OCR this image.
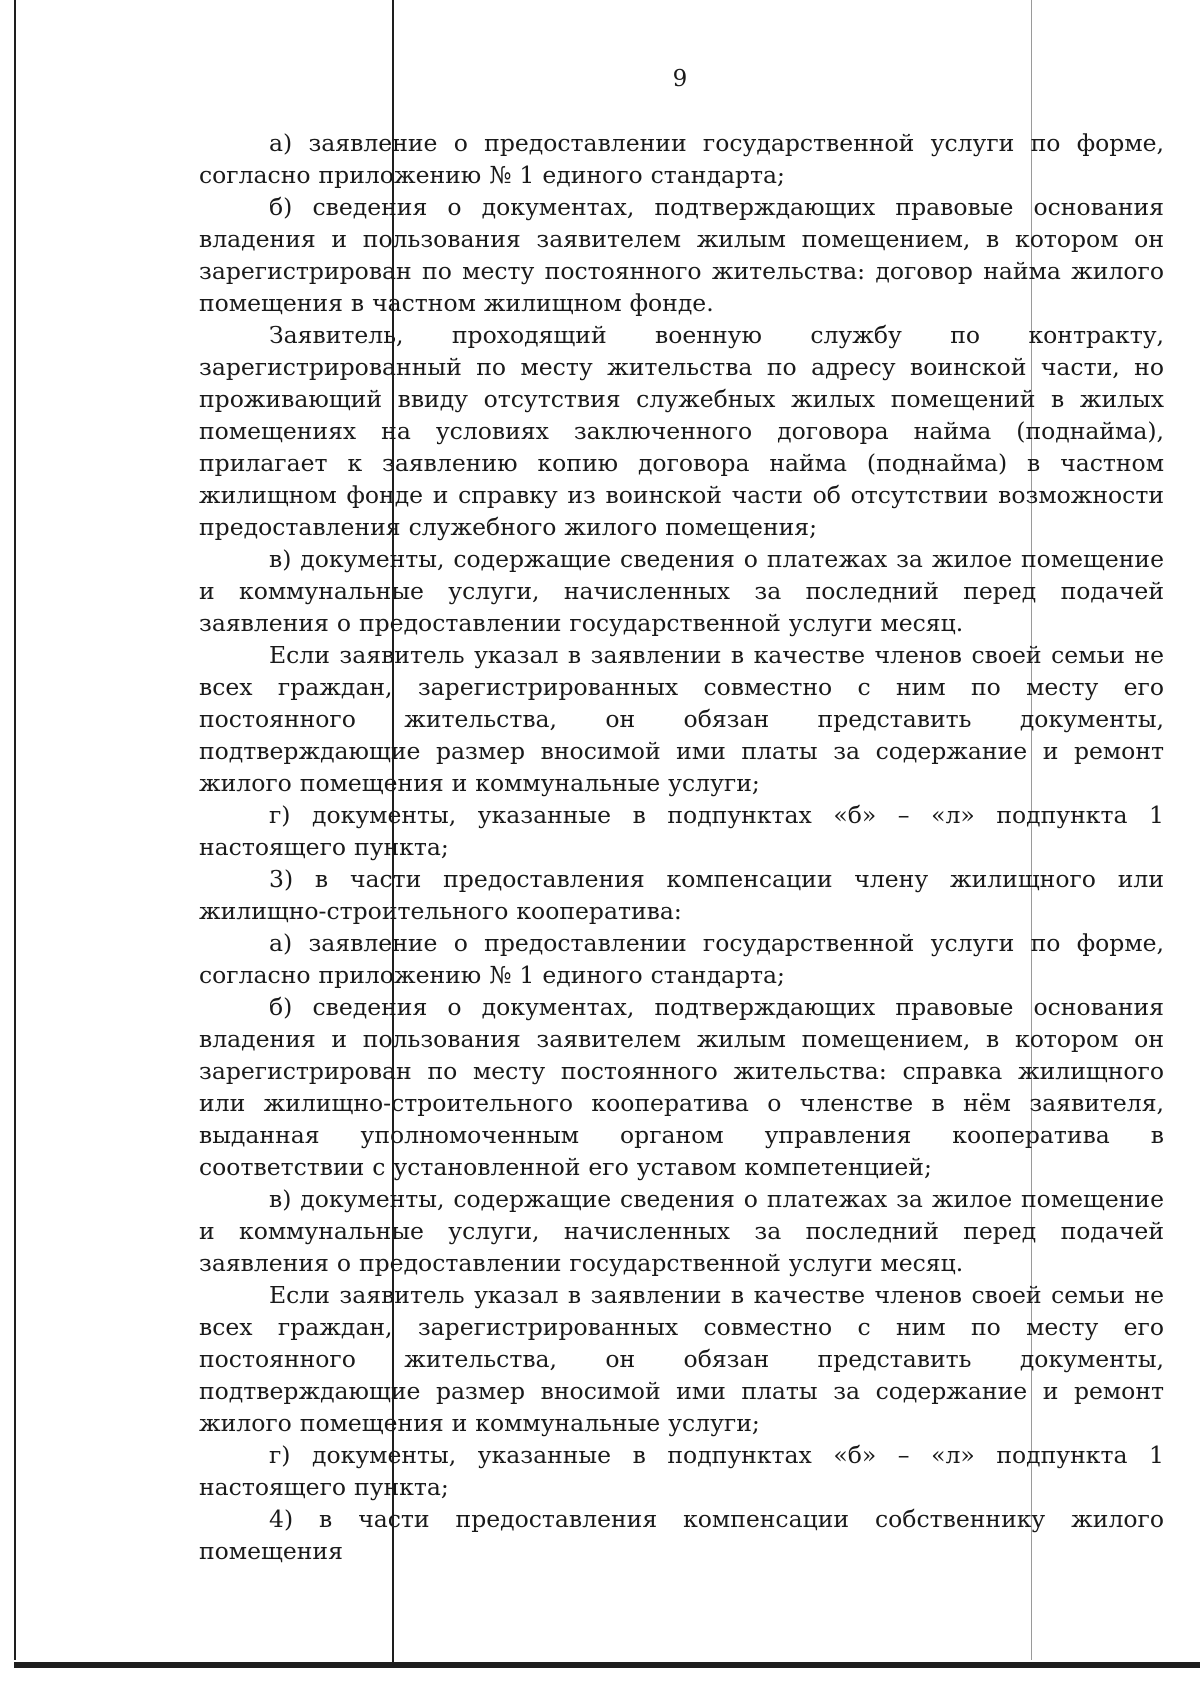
9

а) заявление о предоставлении государственной услуги по форме, согласно приложению № 1 единого стандарта;

б) сведения о документах, подтверждающих правовые основания владения и пользования заявителем жилым помещением, в котором он зарегистрирован по месту постоянного жительства: договор найма жилого помещения в частном жилищном фонде.

Заявитель, проходящий военную службу по контракту, зарегистрированный по месту жительства по адресу воинской части, но проживающий ввиду отсутствия служебных жилых помещений в жилых помещениях на условиях заключенного договора найма (поднайма), прилагает к заявлению копию договора найма (поднайма) в частном жилищном фонде и справку из воинской части об отсутствии возможности предоставления служебного жилого помещения;

в) документы, содержащие сведения о платежах за жилое помещение и коммунальные услуги, начисленных за последний перед подачей заявления о предоставлении государственной услуги месяц.

Если заявитель указал в заявлении в качестве членов своей семьи не всех граждан, зарегистрированных совместно с ним по месту его постоянного жительства, он обязан представить документы, подтверждающие размер вносимой ими платы за содержание и ремонт жилого помещения и коммунальные услуги;

г) документы, указанные в подпунктах «б» – «л» подпункта 1 настоящего пункта;

3) в части предоставления компенсации члену жилищного или жилищно-строительного кооператива:

а) заявление о предоставлении государственной услуги по форме, согласно приложению № 1 единого стандарта;

б) сведения о документах, подтверждающих правовые основания владения и пользования заявителем жилым помещением, в котором он зарегистрирован по месту постоянного жительства: справка жилищного или жилищно-строительного кооператива о членстве в нём заявителя, выданная уполномоченным органом управления кооператива в соответствии с установленной его уставом компетенцией;

в) документы, содержащие сведения о платежах за жилое помещение и коммунальные услуги, начисленных за последний перед подачей заявления о предоставлении государственной услуги месяц.

Если заявитель указал в заявлении в качестве членов своей семьи не всех граждан, зарегистрированных совместно с ним по месту его постоянного жительства, он обязан представить документы, подтверждающие размер вносимой ими платы за содержание и ремонт жилого помещения и коммунальные услуги;

г) документы, указанные в подпунктах «б» – «л» подпункта 1 настоящего пункта;

4) в части предоставления компенсации собственнику жилого помещения
